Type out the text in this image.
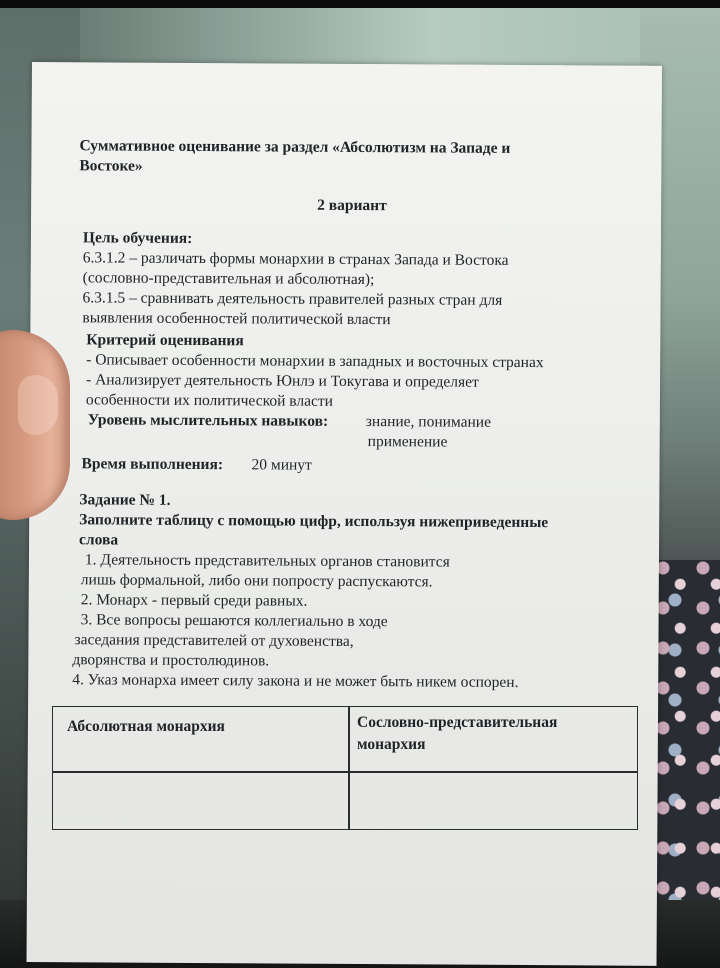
Суммативное оценивание за раздел «Абсолютизм на Западе и
Востоке»
2 вариант
Цель обучения:
6.3.1.2 – различать формы монархии в странах Запада и Востока
(сословно-представительная и абсолютная);
6.3.1.5 – сравнивать деятельность правителей разных стран для
выявления особенностей политической власти
Критерий оценивания
- Описывает особенности монархии в западных и восточных странах
- Анализирует деятельность Юнлэ и Токугава и определяет
особенности их политической власти
Уровень мыслительных навыков: знание, понимание
применение
Время выполнения: 20 минут
Задание № 1.
Заполните таблицу с помощью цифр, используя нижеприведенные
слова
1. Деятельность представительных органов становится
лишь формальной, либо они попросту распускаются.
2. Монарх - первый среди равных.
3. Все вопросы решаются коллегиально в ходе
заседания представителей от духовенства,
дворянства и простолюдинов.
4. Указ монарха имеет силу закона и не может быть никем оспорен.
Абсолютная монархия	Сословно-представительная
монархия
